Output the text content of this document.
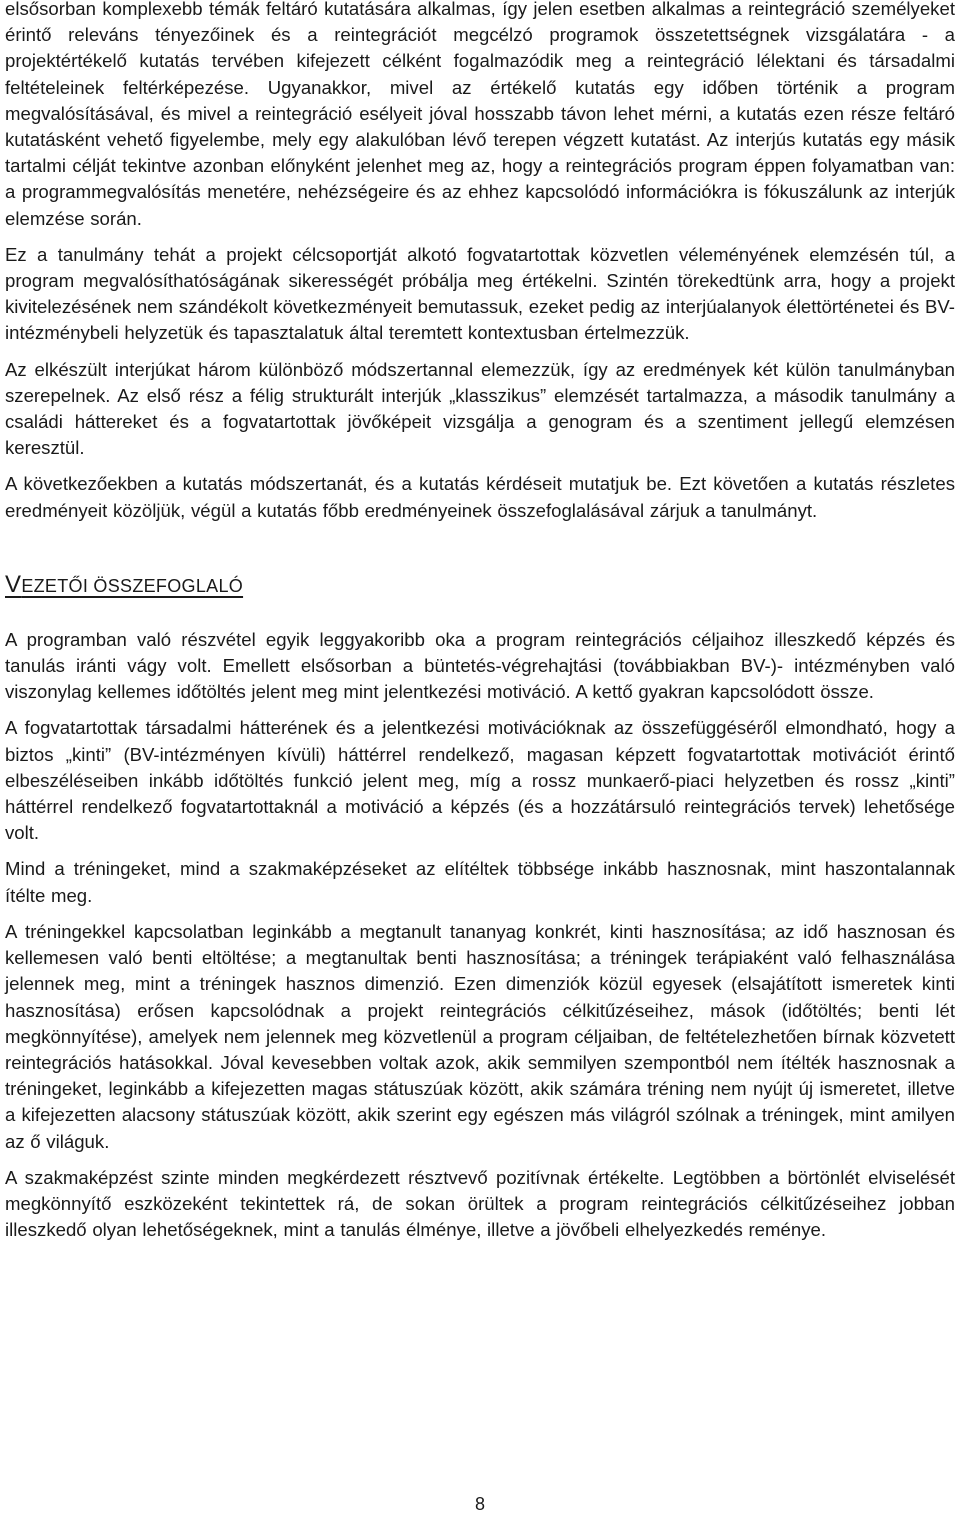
elsősorban komplexebb témák feltáró kutatására alkalmas, így jelen esetben alkalmas a reintegráció személyeket érintő releváns tényezőinek és a reintegrációt megcélzó programok összetettségnek vizsgálatára - a projektértékelő kutatás tervében kifejezett célként fogalmazódik meg a reintegráció lélektani és társadalmi feltételeinek feltérképezése. Ugyanakkor, mivel az értékelő kutatás egy időben történik a program megvalósításával, és mivel a reintegráció esélyeit jóval hosszabb távon lehet mérni, a kutatás ezen része feltáró kutatásként vehető figyelembe, mely egy alakulóban lévő terepen végzett kutatást. Az interjús kutatás egy másik tartalmi célját tekintve azonban előnyként jelenhet meg az, hogy a reintegrációs program éppen folyamatban van: a programmegvalósítás menetére, nehézségeire és az ehhez kapcsolódó információkra is fókuszálunk az interjúk elemzése során.

Ez a tanulmány tehát a projekt célcsoportját alkotó fogvatartottak közvetlen véleményének elemzésén túl, a program megvalósíthatóságának sikerességét próbálja meg értékelni. Szintén törekedtünk arra, hogy a projekt kivitelezésének nem szándékolt következményeit bemutassuk, ezeket pedig az interjúalanyok élettörténetei és BV-intézménybeli helyzetük és tapasztalatuk által teremtett kontextusban értelmezzük.

Az elkészült interjúkat három különböző módszertannal elemezzük, így az eredmények két külön tanulmányban szerepelnek. Az első rész a félig strukturált interjúk „klasszikus” elemzését tartalmazza, a második tanulmány a családi háttereket és a fogvatartottak jövőképeit vizsgálja a genogram és a szentiment jellegű elemzésen keresztül.

A következőekben a kutatás módszertanát, és a kutatás kérdéseit mutatjuk be. Ezt követően a kutatás részletes eredményeit közöljük, végül a kutatás főbb eredményeinek összefoglalásával zárjuk a tanulmányt.

VEZETŐI ÖSSZEFOGLALÓ

A programban való részvétel egyik leggyakoribb oka a program reintegrációs céljaihoz illeszkedő képzés és tanulás iránti vágy volt. Emellett elsősorban a büntetés-végrehajtási (továbbiakban BV-)- intézményben való viszonylag kellemes időtöltés jelent meg mint jelentkezési motiváció. A kettő gyakran kapcsolódott össze.

A fogvatartottak társadalmi hátterének és a jelentkezési motivációknak az összefüggéséről elmondható, hogy a biztos „kinti” (BV-intézményen kívüli) háttérrel rendelkező, magasan képzett fogvatartottak motivációt érintő elbeszéléseiben inkább időtöltés funkció jelent meg, míg a rossz munkaerő-piaci helyzetben és rossz „kinti” háttérrel rendelkező fogvatartottaknál a motiváció a képzés (és a hozzátársuló reintegrációs tervek) lehetősége volt.

Mind a tréningeket, mind a szakmaképzéseket az elítéltek többsége inkább hasznosnak, mint haszontalannak ítélte meg.

A tréningekkel kapcsolatban leginkább a megtanult tananyag konkrét, kinti hasznosítása; az idő hasznosan és kellemesen való benti eltöltése; a megtanultak benti hasznosítása; a tréningek terápiaként való felhasználása jelennek meg, mint a tréningek hasznos dimenzió. Ezen dimenziók közül egyesek (elsajátított ismeretek kinti hasznosítása) erősen kapcsolódnak a projekt reintegrációs célkitűzéseihez, mások (időtöltés; benti lét megkönnyítése), amelyek nem jelennek meg közvetlenül a program céljaiban, de feltételezhetően bírnak közvetett reintegrációs hatásokkal. Jóval kevesebben voltak azok, akik semmilyen szempontból nem ítélték hasznosnak a tréningeket, leginkább a kifejezetten magas státuszúak között, akik számára tréning nem nyújt új ismeretet, illetve a kifejezetten alacsony státuszúak között, akik szerint egy egészen más világról szólnak a tréningek, mint amilyen az ő világuk.

A szakmaképzést szinte minden megkérdezett résztvevő pozitívnak értékelte. Legtöbben a börtönlét elviselését megkönnyítő eszközeként tekintettek rá, de sokan örültek a program reintegrációs célkitűzéseihez jobban illeszkedő olyan lehetőségeknek, mint a tanulás élménye, illetve a jövőbeli elhelyezkedés reménye.

8
